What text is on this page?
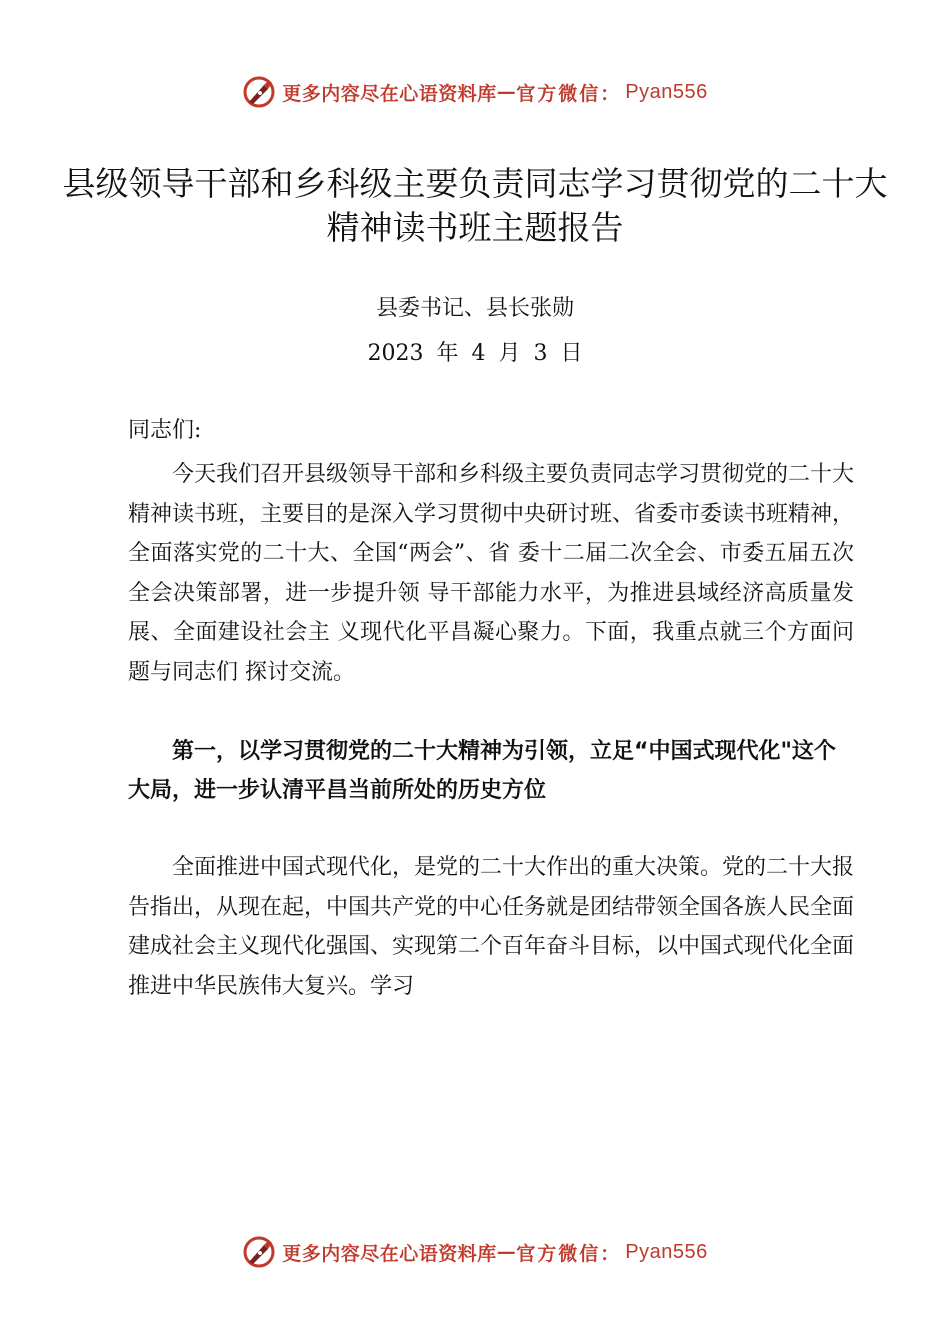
更多内容尽在心语资料库 — 官方微信： Pyan556
县级领导干部和乡科级主要负责同志学习贯彻党的二十大精神读书班主题报告
县委书记、县长张勋
2023 年 4 月 3 日
同志们:

今天我们召开县级领导干部和乡科级主要负责同志学习贯彻党的二十大精神读书班，主要目的是深入学习贯彻中央研讨班、省委市委读书班精神，全面落实党的二十大、全国“两会”、省 委十二届二次全会、市委五届五次全会决策部署，进一步提升领 导干部能力水平，为推进县域经济高质量发展、全面建设社会主 义现代化平昌凝心聚力。下面，我重点就三个方面问题与同志们 探讨交流。

第一，以学习贯彻党的二十大精神为引领，立足“中国式现代化"这个大局，进一步认清平昌当前所处的历史方位

全面推进中国式现代化，是党的二十大作出的重大决策。党的二十大报告指出，从现在起，中国共产党的中心任务就是团结带领全国各族人民全面建成社会主义现代化强国、实现第二个百年奋斗目标，以中国式现代化全面推进中华民族伟大复兴。学习

更多内容尽在心语资料库 — 官方微信： Pyan556
